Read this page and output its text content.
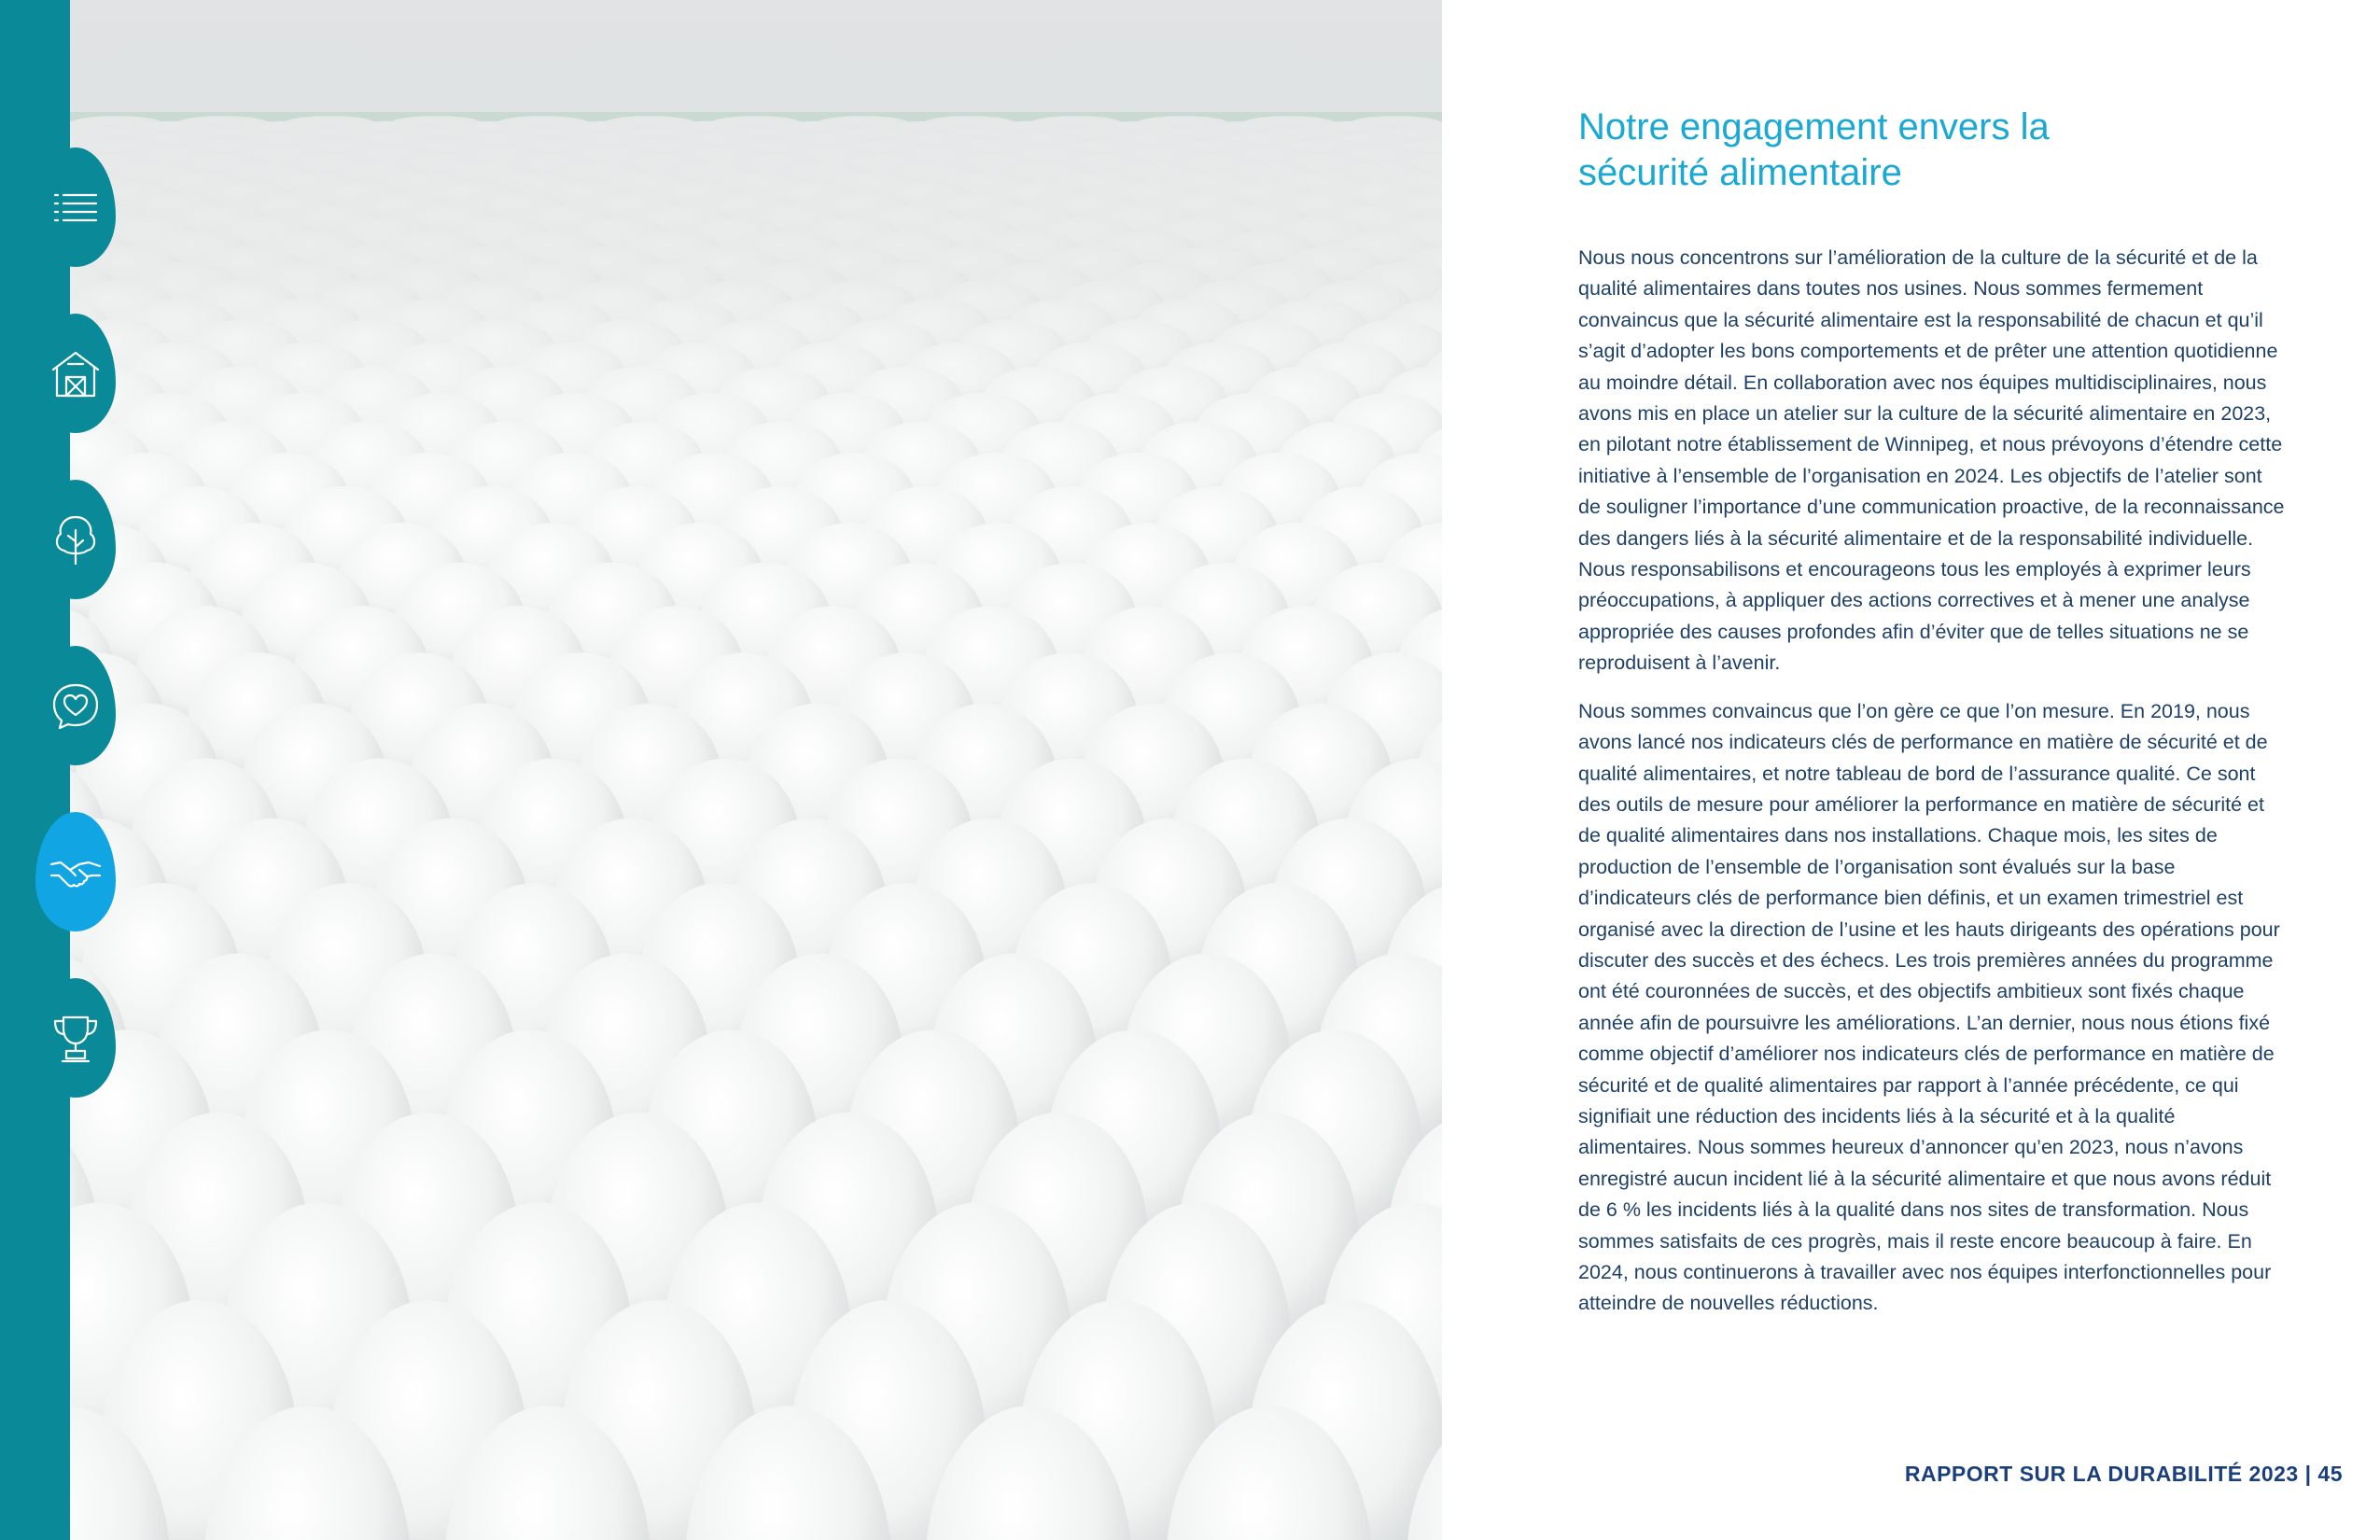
Notre engagement envers la
sécurité alimentaire

Nous nous concentrons sur l’amélioration de la culture de la sécurité et de la qualité alimentaires dans toutes nos usines. Nous sommes fermement convaincus que la sécurité alimentaire est la responsabilité de chacun et qu’il s’agit d’adopter les bons comportements et de prêter une attention quotidienne au moindre détail. En collaboration avec nos équipes multidisciplinaires, nous avons mis en place un atelier sur la culture de la sécurité alimentaire en 2023, en pilotant notre établissement de Winnipeg, et nous prévoyons d’étendre cette initiative à l’ensemble de l’organisation en 2024. Les objectifs de l’atelier sont de souligner l’importance d’une communication proactive, de la reconnaissance des dangers liés à la sécurité alimentaire et de la responsabilité individuelle. Nous responsabilisons et encourageons tous les employés à exprimer leurs préoccupations, à appliquer des actions correctives et à mener une analyse appropriée des causes profondes afin d’éviter que de telles situations ne se reproduisent à l’avenir.

Nous sommes convaincus que l’on gère ce que l’on mesure. En 2019, nous avons lancé nos indicateurs clés de performance en matière de sécurité et de qualité alimentaires, et notre tableau de bord de l’assurance qualité. Ce sont des outils de mesure pour améliorer la performance en matière de sécurité et de qualité alimentaires dans nos installations. Chaque mois, les sites de production de l’ensemble de l’organisation sont évalués sur la base d’indicateurs clés de performance bien définis, et un examen trimestriel est organisé avec la direction de l’usine et les hauts dirigeants des opérations pour discuter des succès et des échecs. Les trois premières années du programme ont été couronnées de succès, et des objectifs ambitieux sont fixés chaque année afin de poursuivre les améliorations. L’an dernier, nous nous étions fixé comme objectif d’améliorer nos indicateurs clés de performance en matière de sécurité et de qualité alimentaires par rapport à l’année précédente, ce qui signifiait une réduction des incidents liés à la sécurité et à la qualité alimentaires. Nous sommes heureux d’annoncer qu’en 2023, nous n’avons enregistré aucun incident lié à la sécurité alimentaire et que nous avons réduit de 6 % les incidents liés à la qualité dans nos sites de transformation. Nous sommes satisfaits de ces progrès, mais il reste encore beaucoup à faire. En 2024, nous continuerons à travailler avec nos équipes interfonctionnelles pour atteindre de nouvelles réductions.

RAPPORT SUR LA DURABILITÉ 2023 | 45
